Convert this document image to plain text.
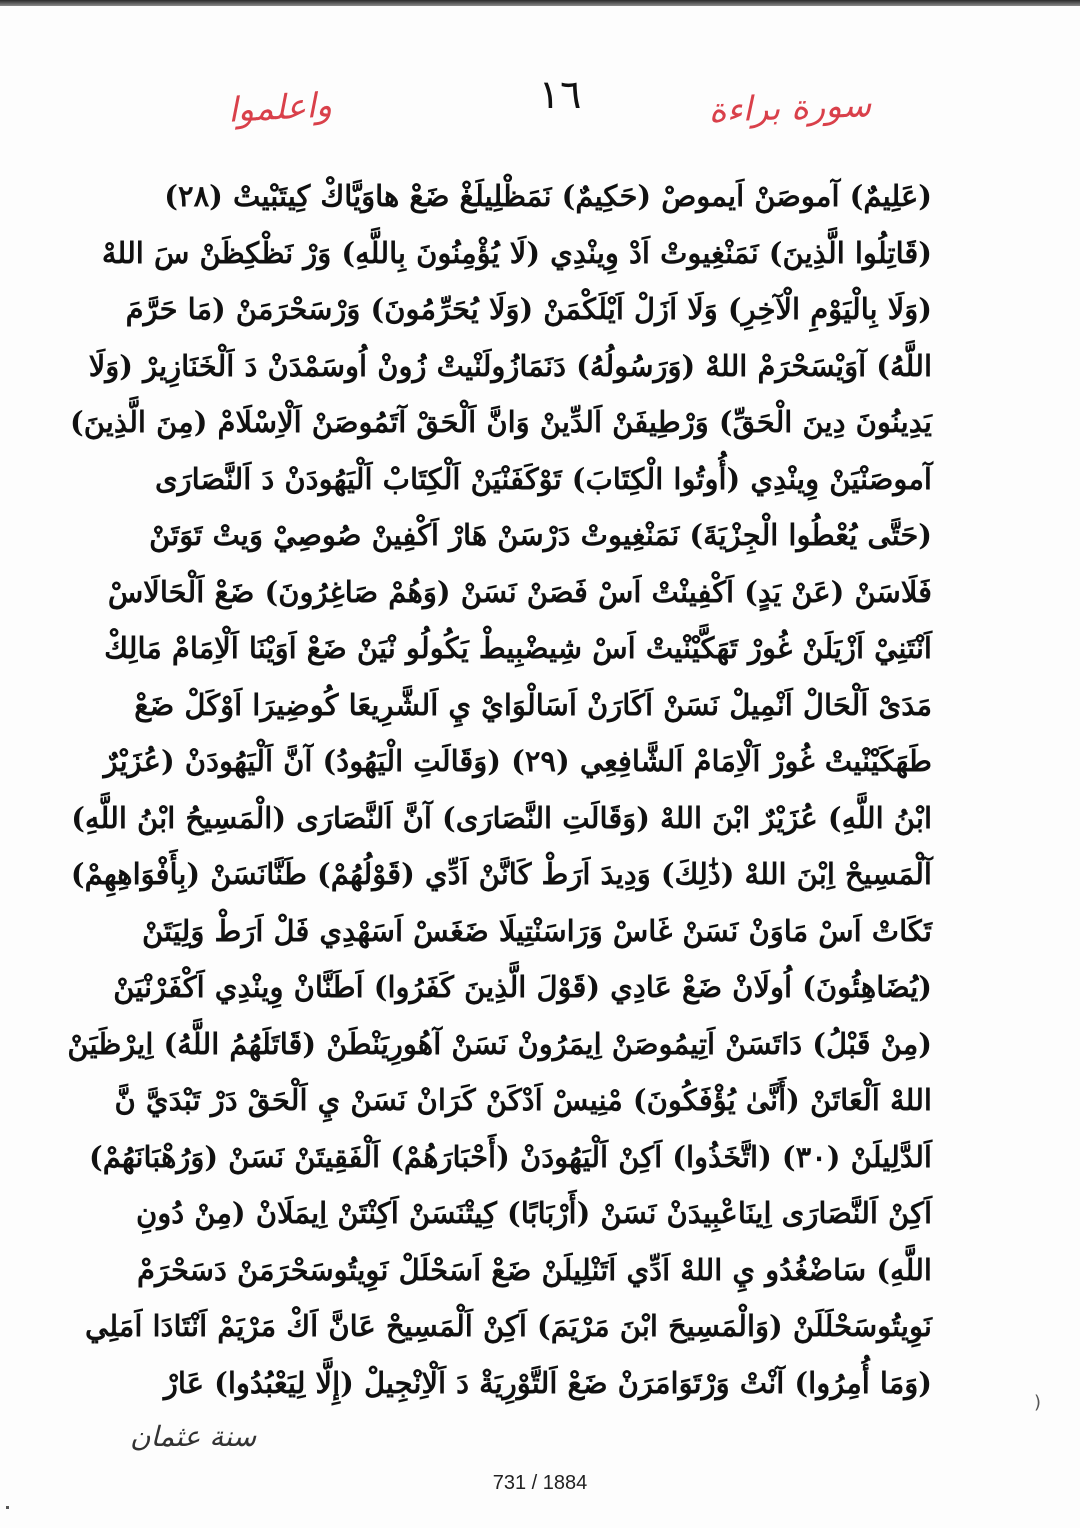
واعلموا	١٦	سورة براءة
(عَلِيمٌ) آموصَنْ اَيموصْ (حَكِيمٌ) نَمَظْلِيلَغْ ضَعْ هاوَيَّاكْ كِيتَبْيتْ (٢٨)
(قَاتِلُوا الَّذِينَ) نَمَنْغِيوتْ اَدْ وِينْدِي (لَا يُؤْمِنُونَ بِاللَّهِ) وَرْ نَظْكِظَنْ سَ اللهْ
(وَلَا بِالْيَوْمِ الْآخِرِ) وَلَا اَزَلْ اَيْلَكْمَنْ (وَلَا يُحَرِّمُونَ) وَرْسَحْرَمَنْ (مَا حَرَّمَ
اللَّهُ) آوَيْسَحْرَمْ اللهْ (وَرَسُولُهُ) دَنَمَازُولَنْيتْ زُونْ اُوسَمْدَنْ دَ اَلْخَنَازِيرْ (وَلَا
يَدِينُونَ دِينَ الْحَقِّ) وَرْطِيفَنْ اَلدِّينْ وَانَّ اَلْحَقْ آتَمُوصَنْ اَلْاِسْلَامْ (مِنَ الَّذِينَ)
آموصَنْيَنْ وِينْدِي (أُوتُوا الْكِتَابَ) تَوْكَفَنْيَنْ اَلْكِتَابْ اَلْيَهُودَنْ دَ اَلنَّصَارَى
(حَتَّى يُعْطُوا الْجِزْيَةَ) نَمَنْغِيوتْ دَرْسَنْ هَارْ اَكْفِينْ صُوصِيْ وَيتْ تَوَتَنْ
فَلَاسَنْ (عَنْ يَدٍ) اَكْفِينْتْ اَسْ فَصَنْ نَسَنْ (وَهُمْ صَاغِرُونَ) ضَعْ اَلْحَالَاسْ
اَنْتَنِيْ اَزْيَلَنْ غُورْ تَهَكَّيْنْيتْ اَسْ شِيضْبِيطْ يَكُولُو نْيَنْ ضَعْ اَوَيْنَا اَلْاِمَامْ مَالِكْ
مَدَىْ اَلْحَالْ اَنْمِيلْ نَسَنْ اَكَارَنْ اَسَالْوَايْ يِ اَلشَّرِيعَا كُوضِيرَا اَوْكَلْ ضَعْ
طَهَكَيْنْيتْ غُورْ اَلْاِمَامْ اَلشَّافِعِي (٢٩) (وَقَالَتِ الْيَهُودُ) آنَّ اَلْيَهُودَنْ (عُزَيْرٌ
ابْنُ اللَّهِ) عُزَيْرٌ ابْنَ اللهْ (وَقَالَتِ النَّصَارَى) آنَّ اَلنَّصَارَى (الْمَسِيحُ ابْنُ اللَّهِ)
آلْمَسِيحْ اِبْنَ اللهْ (ذَٰلِكَ) وَدِيدَ اَرَطْ كَانَّنْ اَدِّي (قَوْلُهُمْ) طَنَّانَسَنْ (بِأَفْوَاهِهِمْ)
تَكَاتْ اَسْ مَاوَنْ نَسَنْ غَاسْ وَرَاسَنْتِيلَا ضَغَسْ اَسَهْدِي فَلْ اَرَطْ وَلِيَتَنْ
(يُضَاهِئُونَ) اُولَانْ ضَعْ عَادِي (قَوْلَ الَّذِينَ كَفَرُوا) اَطَنَّانْ وِينْدِي اَكْفَرْنْيَنْ
(مِنْ قَبْلُ) دَاتَسَنْ اَتِيمُوصَنْ اِيمَرُونْ نَسَنْ آهُورِيَنْطَنْ (قَاتَلَهُمُ اللَّهُ) اِيرْظَيَنْ
اللهْ اَلْعَاتَنْ (أَنَّىٰ يُؤْفَكُونَ) مْنِيسْ اَدْكَنْ كَرَانْ نَسَنْ يِ اَلْحَقْ دَرْ تَبْدَيَّ نَّ
اَلدَّلِيلَنْ (٣٠) (اتَّخَذُوا) اَكِنْ اَلْيَهُودَنْ (أَحْبَارَهُمْ) اَلْفَقِيتَنْ نَسَنْ (وَرُهْبَانَهُمْ)
اَكِنْ اَلنَّصَارَى اِينَاعْبِيدَنْ نَسَنْ (أَرْبَابًا) كِيتْنَسَنْ اَكِنْتَنْ اِيمَلَانْ (مِنْ دُونِ
اللَّهِ) سَاضْغُدُو يِ اللهْ اَدِّي اَتَنْلِيلَنْ ضَعْ اَسَحْلَلْ نَوِيتُوسَحْرَمَنْ دَسَحْرَمْ
نَوِيتُوسَحْلَلَنْ (وَالْمَسِيحَ ابْنَ مَرْيَمَ) اَكِنْ اَلْمَسِيحْ عَانَّ اَكْ مَرْيَمْ اَنْتَادَا اَمَلِي
(وَمَا أُمِرُوا) آنْتْ وَرْتَوَامَرَنْ ضَعْ اَلتَّوْرِيَةْ دَ اَلْاِنْجِيلْ (إِلَّا لِيَعْبُدُوا) عَارْ
)
سنة عثمان
731 / 1884
